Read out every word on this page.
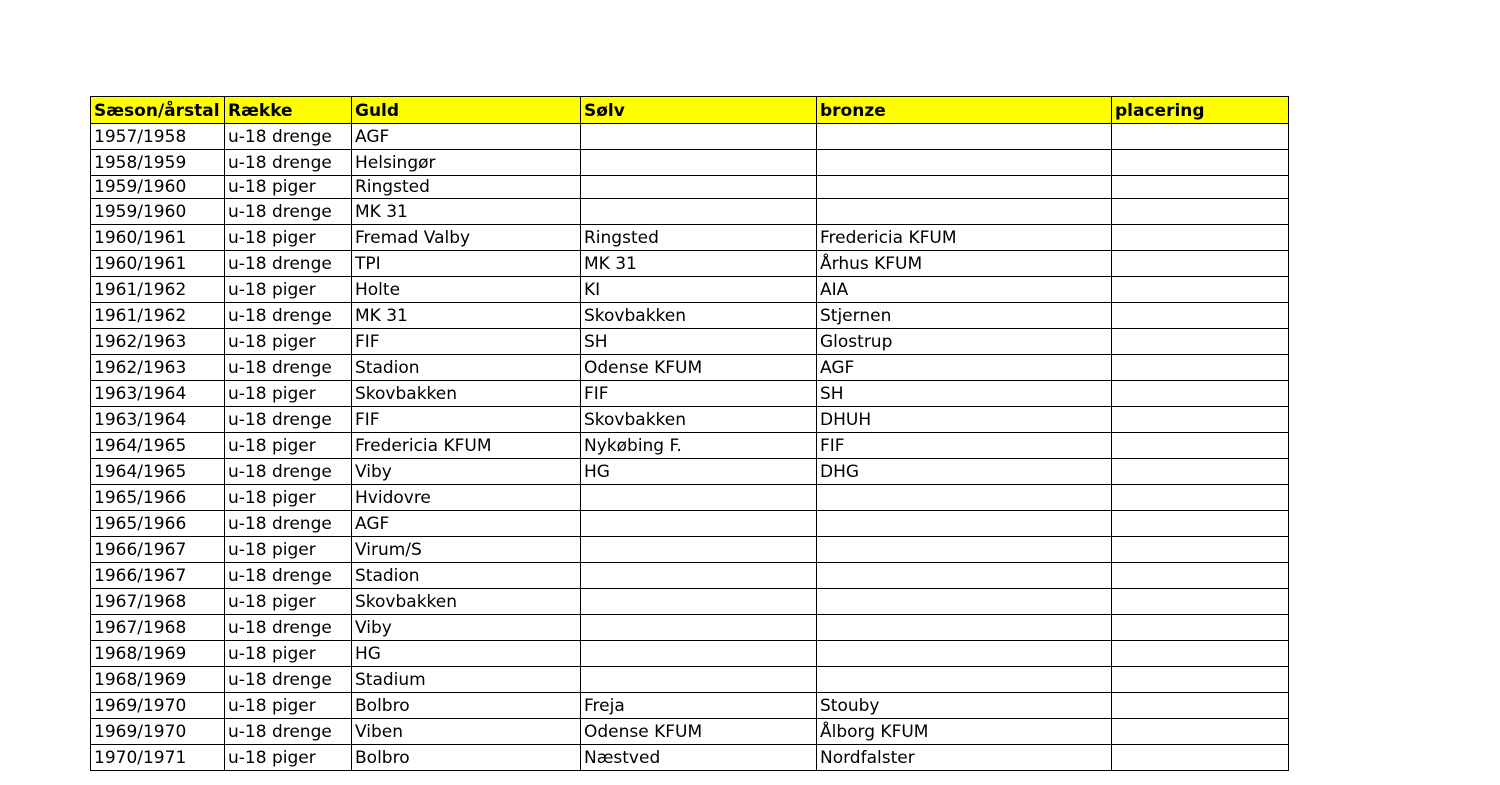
Sæson/årstal	Række	Guld	Sølv	bronze	placering
1957/1958	u-18 drenge	AGF			
1958/1959	u-18 drenge	Helsingør			
1959/1960	u-18 piger	Ringsted			
1959/1960	u-18 drenge	MK 31			
1960/1961	u-18 piger	Fremad Valby	Ringsted	Fredericia KFUM	
1960/1961	u-18 drenge	TPI	MK 31	Århus KFUM	
1961/1962	u-18 piger	Holte	KI	AIA	
1961/1962	u-18 drenge	MK 31	Skovbakken	Stjernen	
1962/1963	u-18 piger	FIF	SH	Glostrup	
1962/1963	u-18 drenge	Stadion	Odense KFUM	AGF	
1963/1964	u-18 piger	Skovbakken	FIF	SH	
1963/1964	u-18 drenge	FIF	Skovbakken	DHUH	
1964/1965	u-18 piger	Fredericia KFUM	Nykøbing F.	FIF	
1964/1965	u-18 drenge	Viby	HG	DHG	
1965/1966	u-18 piger	Hvidovre			
1965/1966	u-18 drenge	AGF			
1966/1967	u-18 piger	Virum/S			
1966/1967	u-18 drenge	Stadion			
1967/1968	u-18 piger	Skovbakken			
1967/1968	u-18 drenge	Viby			
1968/1969	u-18 piger	HG			
1968/1969	u-18 drenge	Stadium			
1969/1970	u-18 piger	Bolbro	Freja	Stouby	
1969/1970	u-18 drenge	Viben	Odense KFUM	Ålborg KFUM	
1970/1971	u-18 piger	Bolbro	Næstved	Nordfalster	
